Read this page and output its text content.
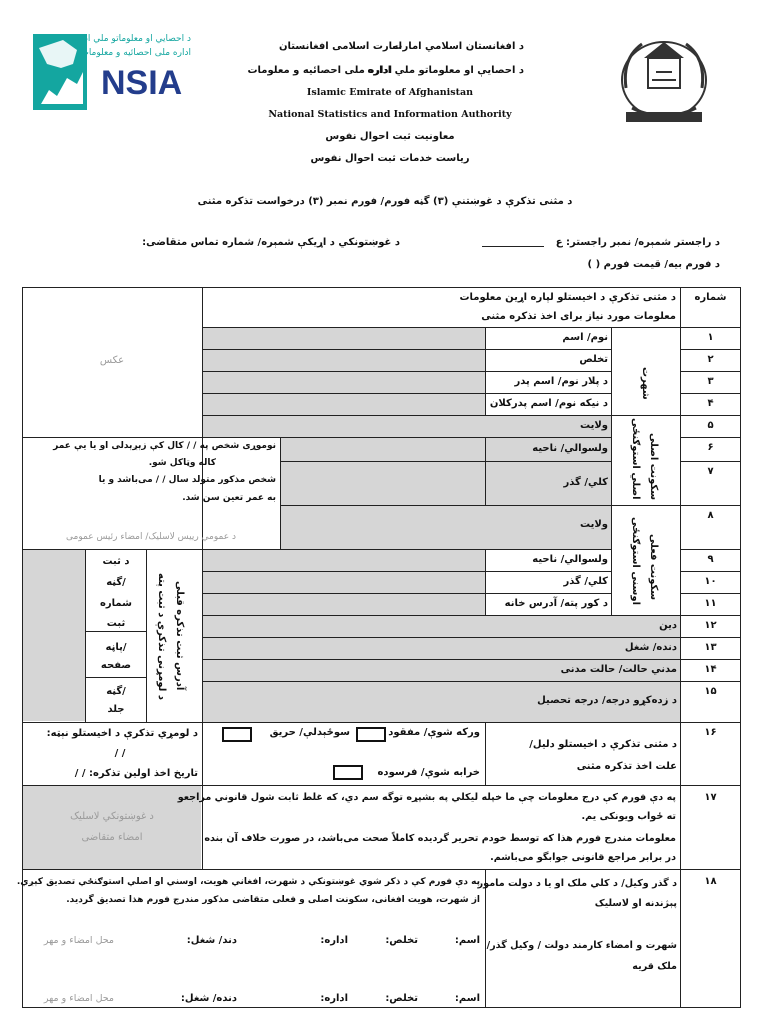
NSIA
د احصایي او معلوماتو ملي اداره
اداره ملی احصائیه و معلومات
د افغانستان اسلامي امارت
امارت اسلامی افغانستان
د احصایې او معلوماتو ملي اداره
اداره ملی احصائیه و معلومات
Islamic Emirate of Afghanistan
National Statistics and Information Authority
معاونیت ثبت احوال نفوس
ریاست خدمات ثبت احوال نفوس
د مثنی تذکرې د غوښتنې (۳) گڼه فورم/ فورم نمبر (۳) درخواست تذکره مثنی
د راجستر شمېره/ نمبر راجستر: ع
د غوښتونکي د اړیکې شمېره/ شماره تماس متقاضی:
د فورم بیه/ قیمت فورم ( )
شماره
د مثنی تذکرې د اخیستلو لپاره اړین معلومات
معلومات مورد نیاز برای اخذ تذکره مثنی
عکس
۱
۲
۳
۴
۵
۶
۷
۸
۹
۱۰
۱۱
۱۲
۱۳
۱۴
۱۵
۱۶
۱۷
۱۸
نوم/ اسم
تخلص
د پلار نوم/ اسم پدر
د نیکه نوم/ اسم پدرکلان
ولایت
ولسوالي/ ناحیه
کلي/ گذر
ولایت
ولسوالي/ ناحیه
کلي/ گذر
د کور پته/ آدرس خانه
دین
دنده/ شغل
مدني حالت/ حالت مدنی
د زده‌کړو درجه/ درجه تحصیل
د مثنی تذکرې د اخیستلو دلیل/
علت اخذ تذکره مثنی
شهرت
اصلي استوګنځی سکونت اصلی
اوسنی استوګنځی سکونت فعلی
د لومړنی تذکرې د ثبت پته آدرس ثبت تذکره قبلی
نوموړی شخص په / / کال کې زېږېدلی او یا یې عمر
کاله وټاکل شو.
شخص مذکور متولد سال / / می‌باشد و یا
به عمر تعین سن شد.
د عمومي رییس لاسلیک/ امضاء رئیس عمومی
د ثبت
گڼه/
شماره
ثبت
پاڼه/
صفحه
گڼه/
جلد
ورکه شوې/ مفقود
سوځېدلې/ حریق
خرابه شوې/ فرسوده
د لومړي تذکرې د اخیستلو نېټه:
/ /
تاریخ اخذ اولین تذکره: / /
د غوښتونکي لاسلیک
امضاء متقاضی
په دې فورم کې درج معلومات چې ما خپله لیکلي په بشپړه توگه سم دي، که غلط ثابت شول قانوني مراجعو
ته ځواب ویونکی یم.
معلومات مندرج فورم هذا که توسط خودم تحریر گردیده کاملاً صحت می‌باشد، در صورت خلاف آن بنده
در برابر مراجع قانونی جوابگو می‌باشم.
د گذر وکیل/ د کلي ملک او یا د دولت مامور
پېژندنه او لاسلیک
شهرت و امضاء کارمند دولت / وکیل گذر/
ملک قریه
په دې فورم کې د ذکر شوي غوښتونکي د شهرت، افغاني هویت، اوسني او اصلي استوګنځي تصدیق کېږي.
از شهرت، هویت افغانی، سکونت اصلی و فعلی متقاضی مذکور مندرج فورم هذا تصدیق گردید.
اسم:
تخلص:
اداره:
دند/ شغل:
محل امضاء و مهر
اسم:
تخلص:
اداره:
دنده/ شغل:
محل امضاء و مهر
